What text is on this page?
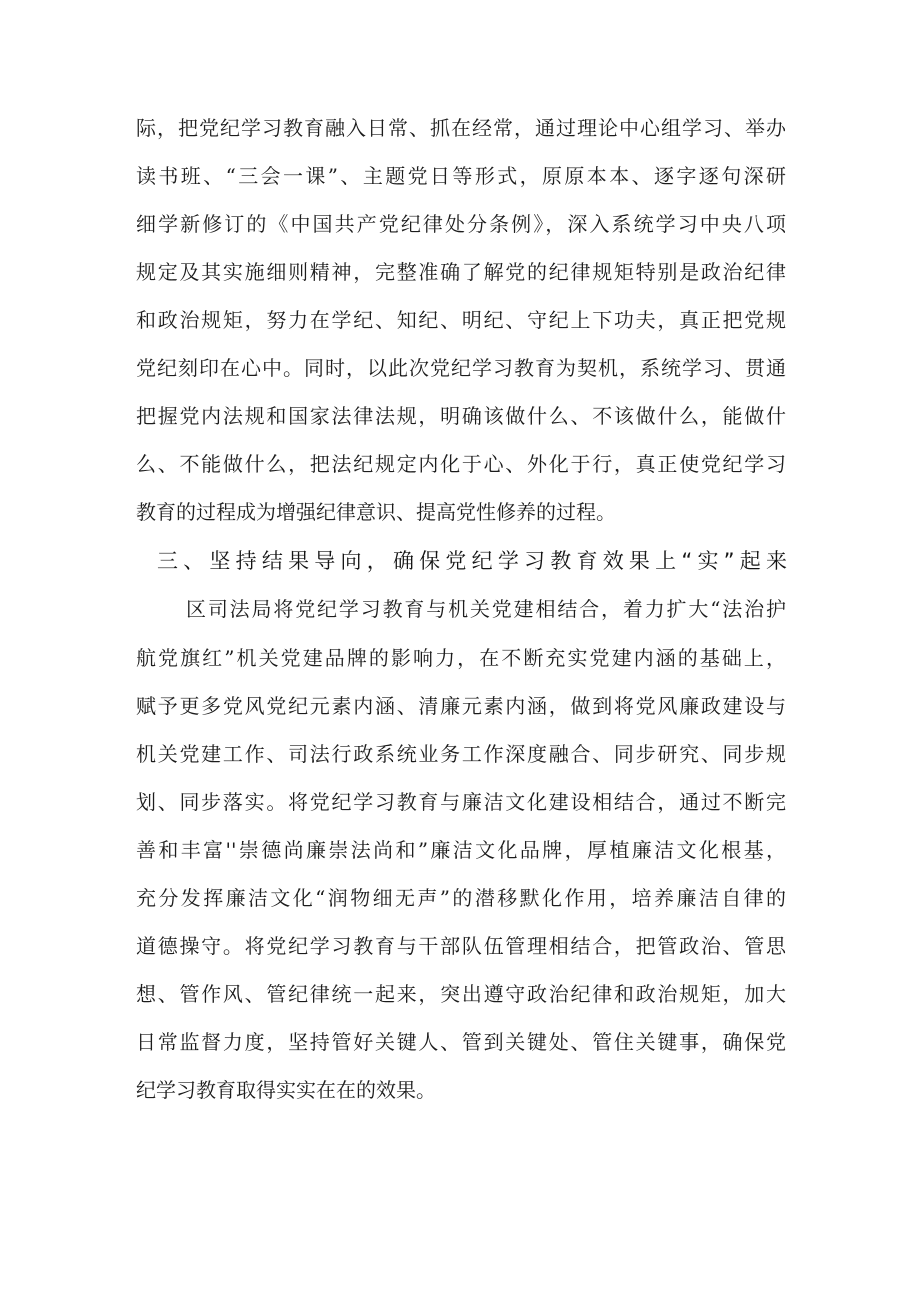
际，把党纪学习教育融入日常、抓在经常，通过理论中心组学习、举办

读书班、“三会一课”、主题党日等形式，原原本本、逐字逐句深研

细学新修订的《中国共产党纪律处分条例》，深入系统学习中央八项

规定及其实施细则精神，完整准确了解党的纪律规矩特别是政治纪律

和政治规矩，努力在学纪、知纪、明纪、守纪上下功夫，真正把党规

党纪刻印在心中。同时，以此次党纪学习教育为契机，系统学习、贯通

把握党内法规和国家法律法规，明确该做什么、不该做什么，能做什

么、不能做什么，把法纪规定内化于心、外化于行，真正使党纪学习

教育的过程成为增强纪律意识、提高党性修养的过程。

三、坚持结果导向，确保党纪学习教育效果上“实”起来

区司法局将党纪学习教育与机关党建相结合，着力扩大“法治护

航党旗红”机关党建品牌的影响力，在不断充实党建内涵的基础上，

赋予更多党风党纪元素内涵、清廉元素内涵，做到将党风廉政建设与

机关党建工作、司法行政系统业务工作深度融合、同步研究、同步规

划、同步落实。将党纪学习教育与廉洁文化建设相结合，通过不断完

善和丰富''崇德尚廉崇法尚和”廉洁文化品牌，厚植廉洁文化根基，

充分发挥廉洁文化“润物细无声”的潜移默化作用，培养廉洁自律的

道德操守。将党纪学习教育与干部队伍管理相结合，把管政治、管思

想、管作风、管纪律统一起来，突出遵守政治纪律和政治规矩，加大

日常监督力度，坚持管好关键人、管到关键处、管住关键事，确保党

纪学习教育取得实实在在的效果。
